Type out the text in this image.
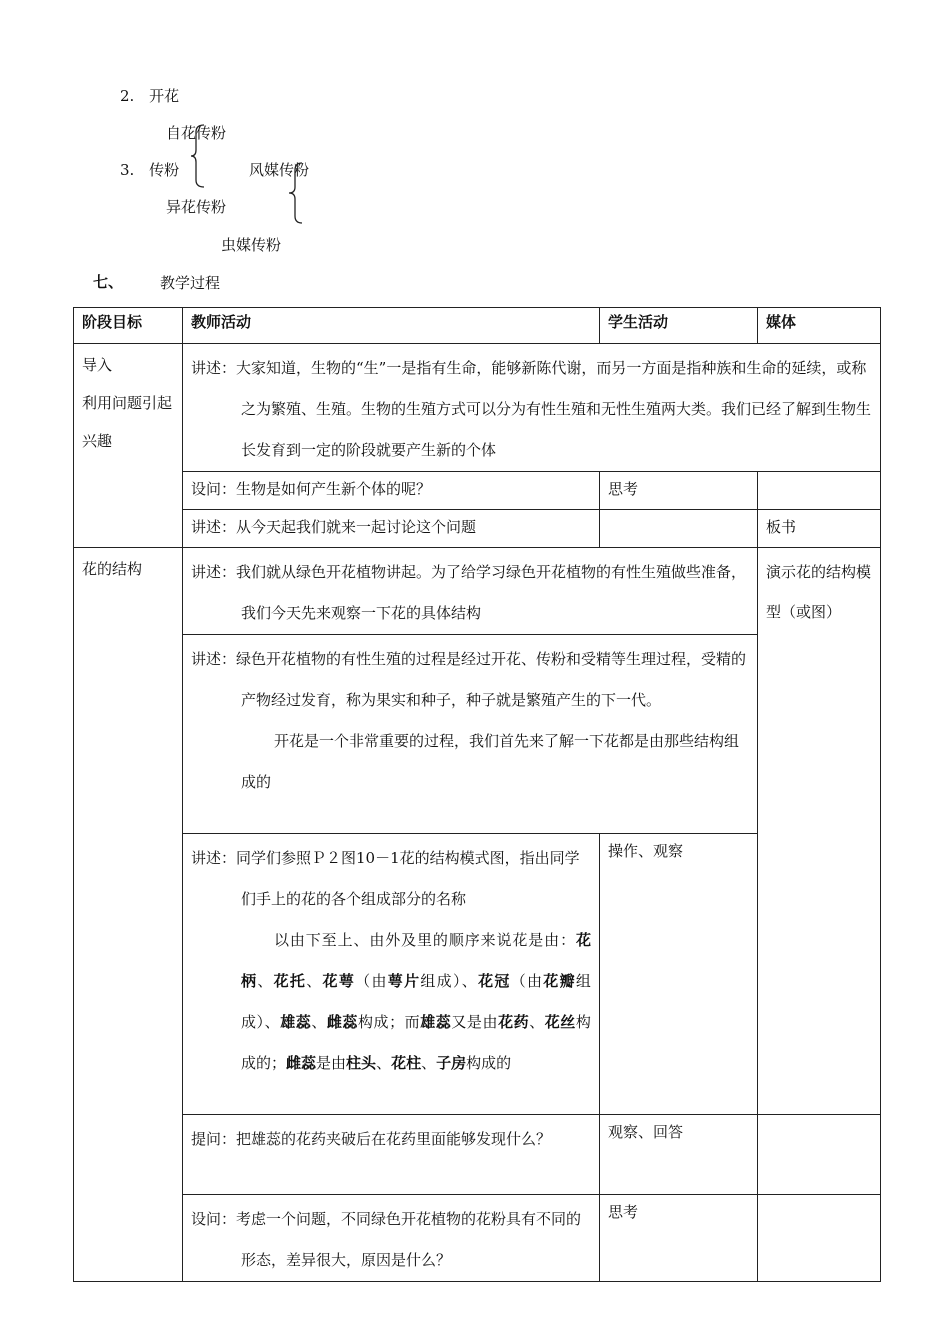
2. 开花
自花传粉
3. 传粉	风媒传粉
异花传粉
虫媒传粉
七、 教学过程
阶段目标	教师活动	学生活动	媒体

导入
利用问题引起兴趣	讲述：大家知道，生物的“生”一是指有生命，能够新陈代谢，而另一方面是指种族和生命的延续，或称之为繁殖、生殖。生物的生殖方式可以分为有性生殖和无性生殖两大类。我们已经了解到生物生长发育到一定的阶段就要产生新的个体		

	设问：生物是如何产生新个体的呢？	思考	

	讲述：从今天起我们就来一起讨论这个问题		板书

花的结构	讲述：我们就从绿色开花植物讲起。为了给学习绿色开花植物的有性生殖做些准备，我们今天先来观察一下花的具体结构		演示花的结构模型（或图）

	讲述：绿色开花植物的有性生殖的过程是经过开花、传粉和受精等生理过程，受精的产物经过发育，称为果实和种子，种子就是繁殖产生的下一代。
开花是一个非常重要的过程，我们首先来了解一下花都是由那些结构组成的		

	讲述：同学们参照Ｐ２图10－1花的结构模式图，指出同学们手上的花的各个组成部分的名称
以由下至上、由外及里的顺序来说花是由：花柄、花托、花萼（由萼片组成）、花冠（由花瓣组成）、雄蕊、雌蕊构成；而雄蕊又是由花药、花丝构成的；雌蕊是由柱头、花柱、子房构成的	操作、观察	

	提问：把雄蕊的花药夹破后在花药里面能够发现什么？	观察、回答	

	设问：考虑一个问题，不同绿色开花植物的花粉具有不同的形态，差异很大，原因是什么？	思考	
